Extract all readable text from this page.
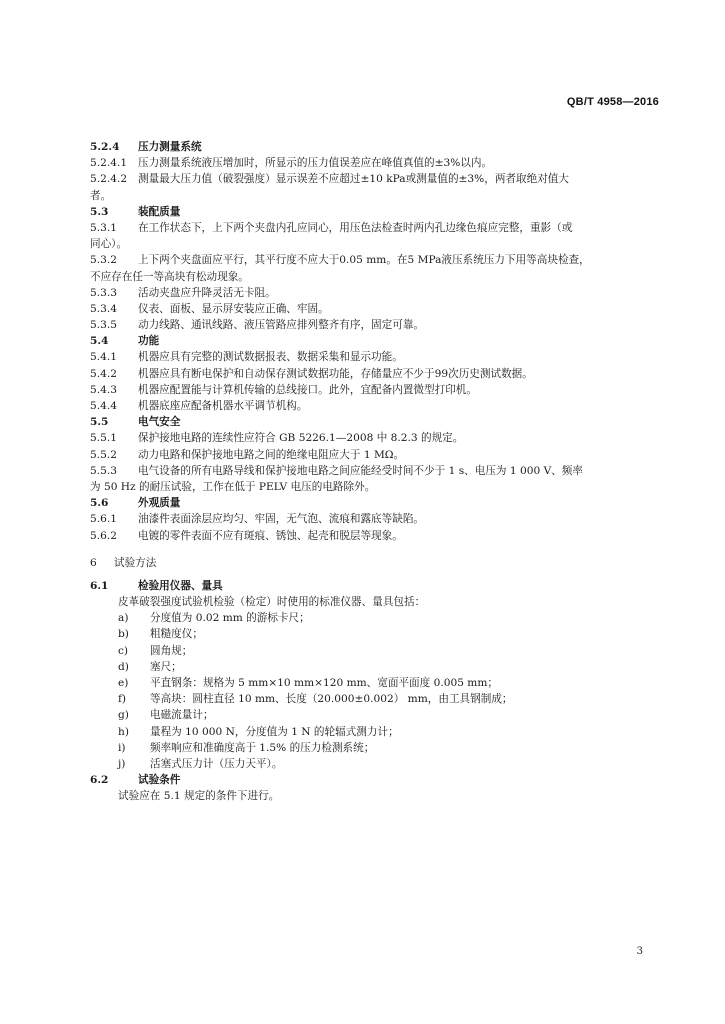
QB/T 4958—2016
5.2.4 压力测量系统
5.2.4.1 压力测量系统液压增加时，所显示的压力值误差应在峰值真值的±3%以内。
5.2.4.2 测量最大压力值（破裂强度）显示误差不应超过±10 kPa或测量值的±3%，两者取绝对值大
者。
5.3	装配质量
5.3.1 在工作状态下，上下两个夹盘内孔应同心，用压色法检查时两内孔边缘色痕应完整，重影（或
同心）。
5.3.2 上下两个夹盘面应平行，其平行度不应大于0.05 mm。在5 MPa液压系统压力下用等高块检查，
不应存在任一等高块有松动现象。
5.3.3 活动夹盘应升降灵活无卡阻。
5.3.4 仪表、面板、显示屏安装应正确、牢固。
5.3.5 动力线路、通讯线路、液压管路应排列整齐有序，固定可靠。
5.4	功能
5.4.1 机器应具有完整的测试数据报表、数据采集和显示功能。
5.4.2 机器应具有断电保护和自动保存测试数据功能，存储量应不少于99次历史测试数据。
5.4.3 机器应配置能与计算机传输的总线接口。此外，宜配备内置微型打印机。
5.4.4 机器底座应配备机器水平调节机构。
5.5	电气安全
5.5.1 保护接地电路的连续性应符合 GB 5226.1—2008 中 8.2.3 的规定。
5.5.2 动力电路和保护接地电路之间的绝缘电阻应大于 1 MΩ。
5.5.3 电气设备的所有电路导线和保护接地电路之间应能经受时间不少于 1 s、电压为 1 000 V、频率
为 50 Hz 的耐压试验，工作在低于 PELV 电压的电路除外。
5.6	外观质量
5.6.1 油漆件表面涂层应均匀、牢固，无气泡、流痕和露底等缺陷。
5.6.2 电镀的零件表面不应有斑痕、锈蚀、起壳和脱层等现象。
6 试验方法
6.1	检验用仪器、量具
皮革破裂强度试验机检验（检定）时使用的标准仪器、量具包括：
a) 分度值为 0.02 mm 的游标卡尺；
b) 粗糙度仪；
c) 圆角规；
d) 塞尺；
e) 平直钢条：规格为 5 mm×10 mm×120 mm、宽面平面度 0.005 mm；
f) 等高块：圆柱直径 10 mm、长度（20.000±0.002） mm，由工具钢制成；
g) 电磁流量计；
h) 量程为 10 000 N，分度值为 1 N 的轮辐式测力计；
i) 频率响应和准确度高于 1.5% 的压力检测系统；
j) 活塞式压力计（压力天平）。
6.2	试验条件
试验应在 5.1 规定的条件下进行。
3
